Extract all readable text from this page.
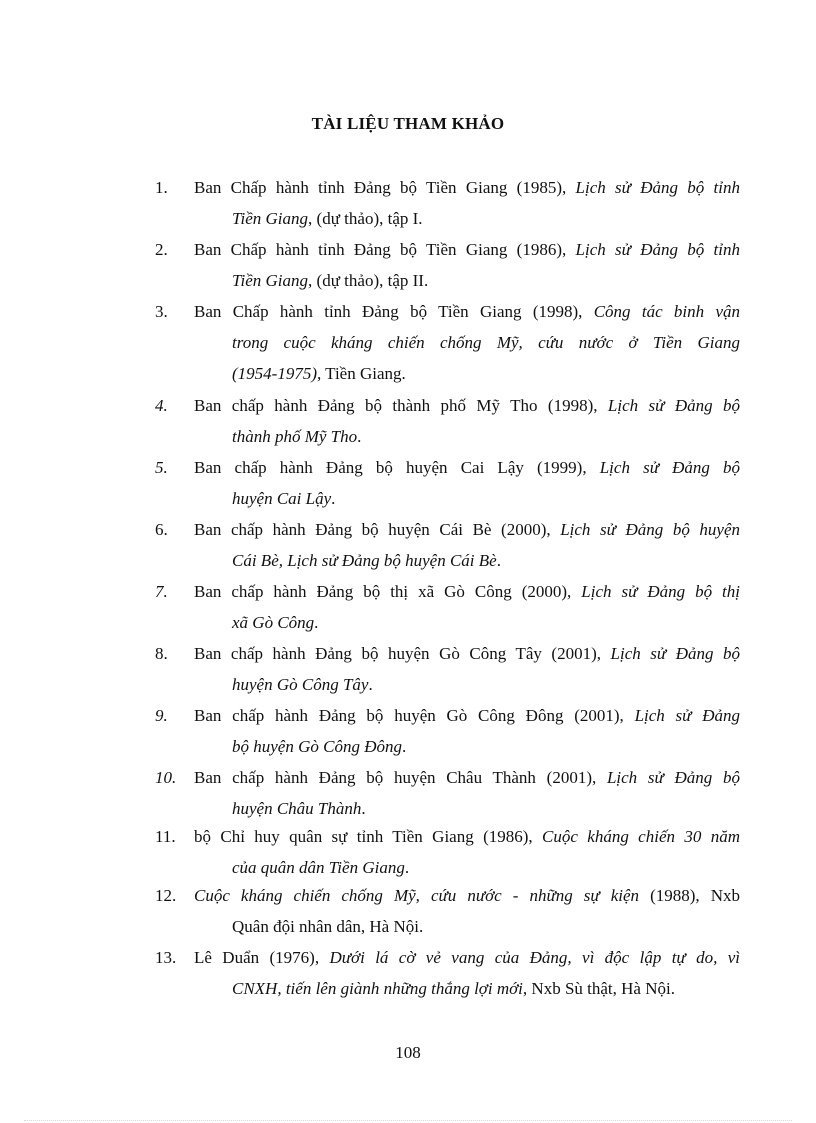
TÀI LIỆU THAM KHẢO
1.	Ban Chấp hành tỉnh Đảng bộ Tiền Giang (1985), Lịch sử Đảng bộ tỉnh
Tiền Giang, (dự thảo), tập I.
2.	Ban Chấp hành tỉnh Đảng bộ Tiền Giang (1986), Lịch sử Đảng bộ tỉnh
Tiền Giang, (dự thảo), tập II.
3.	Ban Chấp hành tỉnh Đảng bộ Tiền Giang (1998), Công tác binh vận
trong cuộc kháng chiến chống Mỹ, cứu nước ở Tiền Giang
(1954-1975), Tiền Giang.
4.	Ban chấp hành Đảng bộ thành phố Mỹ Tho (1998), Lịch sử Đảng bộ
thành phố Mỹ Tho.
5.	Ban chấp hành Đảng bộ huyện Cai Lậy (1999), Lịch sử Đảng bộ
huyện Cai Lậy.
6.	Ban chấp hành Đảng bộ huyện Cái Bè (2000), Lịch sử Đảng bộ huyện
Cái Bè, Lịch sử Đảng bộ huyện Cái Bè.
7.	Ban chấp hành Đảng bộ thị xã Gò Công (2000), Lịch sử Đảng bộ thị
xã Gò Công.
8.	Ban chấp hành Đảng bộ huyện Gò Công Tây (2001), Lịch sử Đảng bộ
huyện Gò Công Tây.
9.	Ban chấp hành Đảng bộ huyện Gò Công Đông (2001), Lịch sử Đảng
bộ huyện Gò Công Đông.
10.	Ban chấp hành Đảng bộ huyện Châu Thành (2001), Lịch sử Đảng bộ
huyện Châu Thành.
11.	bộ Chỉ huy quân sự tỉnh Tiền Giang (1986), Cuộc kháng chiến 30 năm
của quân dân Tiền Giang.
12.	Cuộc kháng chiến chống Mỹ, cứu nước - những sự kiện (1988), Nxb
Quân đội nhân dân, Hà Nội.
13.	Lê Duẩn (1976), Dưới lá cờ vẻ vang của Đảng, vì độc lập tự do, vì
CNXH, tiến lên giành những thắng lợi mới, Nxb Sù thật, Hà Nội.
108
